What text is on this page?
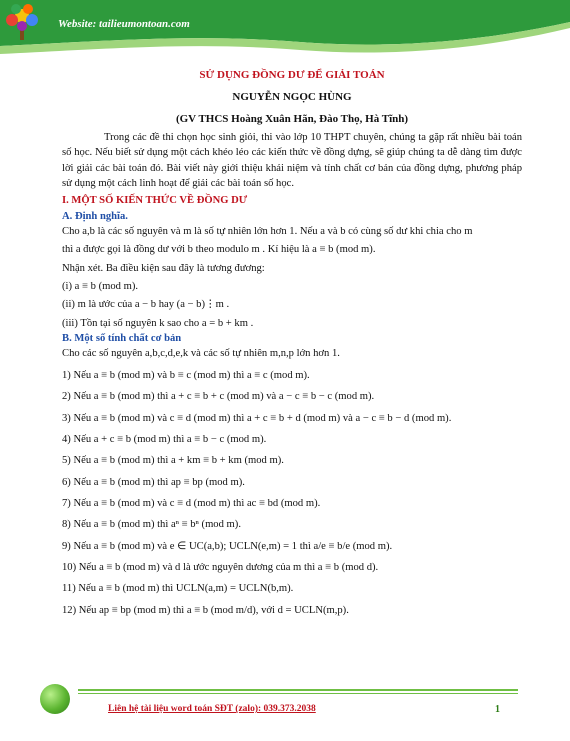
Website: tailieumontoan.com
SỬ DỤNG ĐỒNG DƯ ĐỂ GIẢI TOÁN
NGUYỄN NGỌC HÙNG
(GV THCS Hoàng Xuân Hãn, Đào Thọ, Hà Tĩnh)

Trong các đề thi chọn học sinh giỏi, thi vào lớp 10 THPT chuyên, chúng ta gặp rất nhiều bài toán số học. Nếu biết sử dụng một cách khéo léo các kiến thức về đồng dựng, sẽ giúp chúng ta dễ dàng tìm được lời giải các bài toán đó. Bài viết này giới thiệu khái niệm và tính chất cơ bản của đồng dựng, phương pháp sử dụng một cách linh hoạt để giải các bài toán số học.

I. MỘT SỐ KIẾN THỨC VỀ ĐỒNG DƯ
A. Định nghĩa.
Cho a,b là các số nguyên và m là số tự nhiên lớn hơn 1. Nếu a và b có cùng số dư khi chia cho m
thì a được gọi là đồng dư với b theo modulo m . Kí hiệu là a ≡ b (mod m).
Nhận xét. Ba điều kiện sau đây là tương đương:
(i) a ≡ b (mod m).
(ii) m là ước của a − b hay (a − b)⋮m .
(iii) Tồn tại số nguyên k sao cho a = b + km .
B. Một số tính chất cơ bản
Cho các số nguyên a,b,c,d,e,k và các số tự nhiên m,n,p lớn hơn 1.
1) Nếu a ≡ b (mod m) và b ≡ c (mod m) thì a ≡ c (mod m).
2) Nếu a ≡ b (mod m) thì a + c ≡ b + c (mod m) và a − c ≡ b − c (mod m).
3) Nếu a ≡ b (mod m) và c ≡ d (mod m) thì a + c ≡ b + d (mod m) và a − c ≡ b − d (mod m).
4) Nếu a + c ≡ b (mod m) thì a ≡ b − c (mod m).
5) Nếu a ≡ b (mod m) thì a + km ≡ b + km (mod m).
6) Nếu a ≡ b (mod m) thì ap ≡ bp (mod m).
7) Nếu a ≡ b (mod m) và c ≡ d (mod m) thì ac ≡ bd (mod m).
8) Nếu a ≡ b (mod m) thì aⁿ ≡ bⁿ (mod m).
9) Nếu a ≡ b (mod m) và e ∈ UC(a,b); UCLN(e,m) = 1 thì a/e ≡ b/e (mod m).
10) Nếu a ≡ b (mod m) và d là ước nguyên dương của m thì a ≡ b (mod d).
11) Nếu a ≡ b (mod m) thì UCLN(a,m) = UCLN(b,m).
12) Nếu ap ≡ bp (mod m) thì a ≡ b (mod m/d), với d = UCLN(m,p).
Liên hệ tài liệu word toán SĐT (zalo): 039.373.2038	1
